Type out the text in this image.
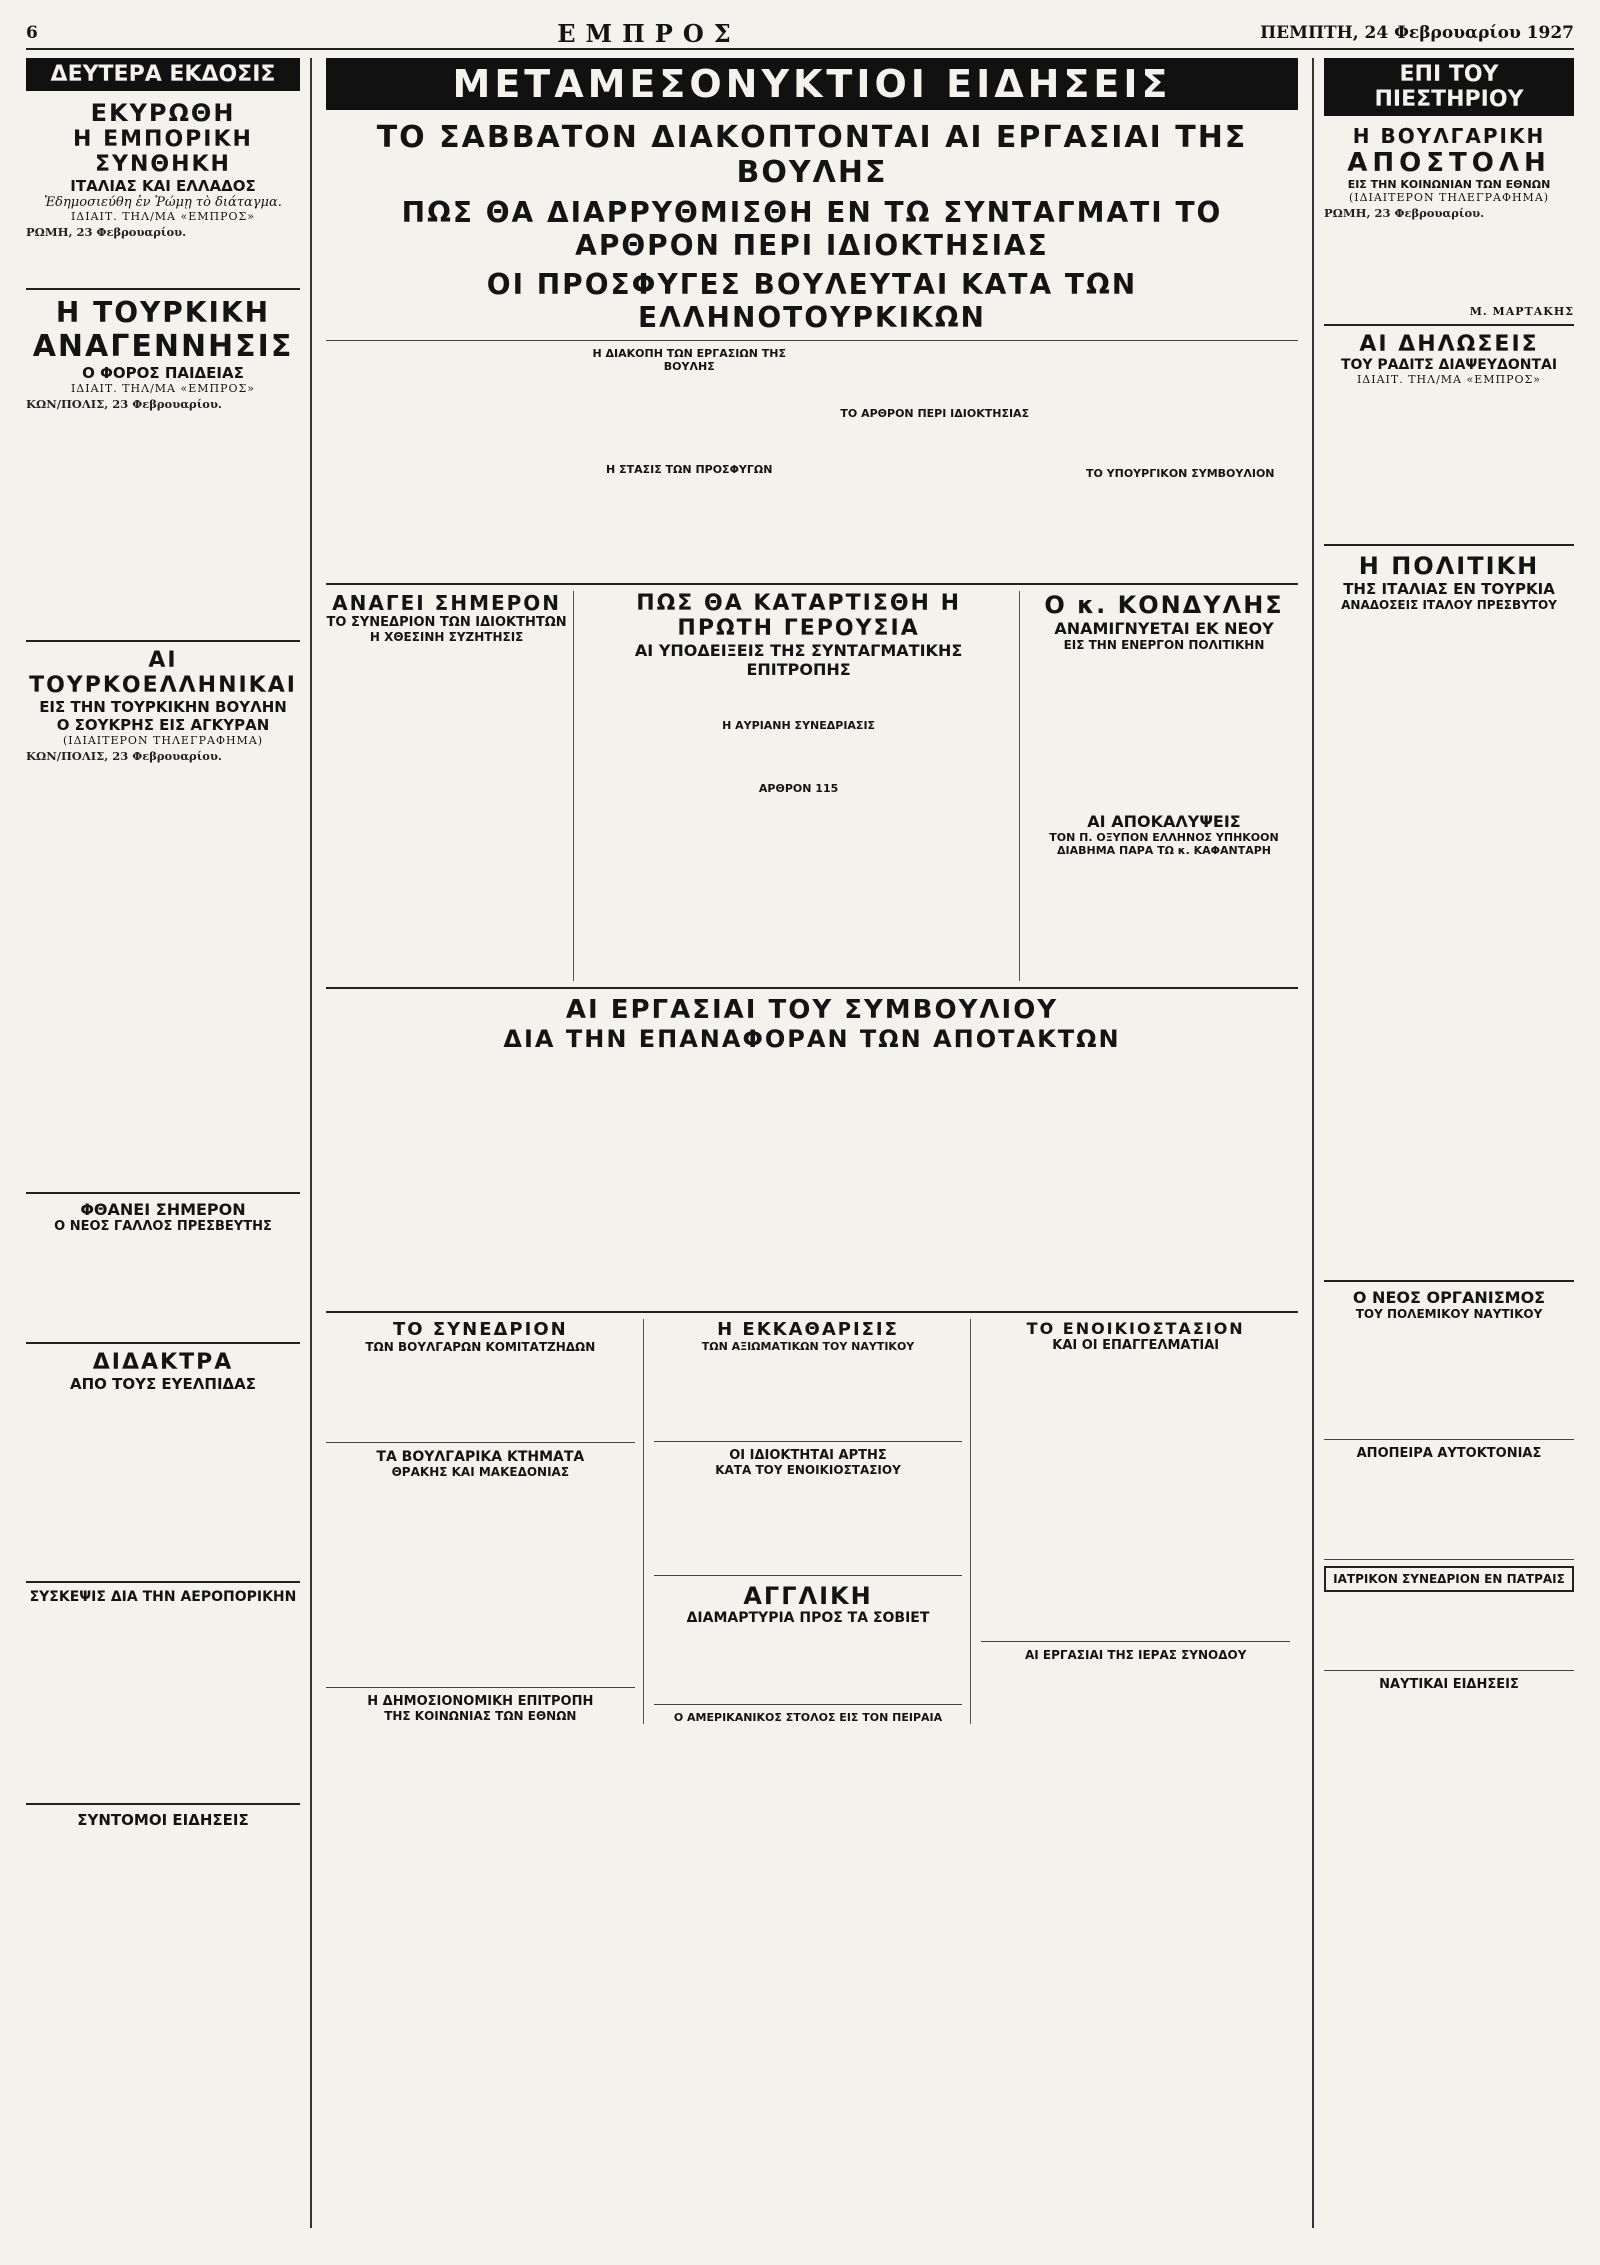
6	ΕΜΠΡΟΣ	ΠΕΜΠΤΗ, 24 Φεβρουαρίου 1927
ΔΕΥΤΕΡΑ ΕΚΔΟΣΙΣ
ΕΚΥΡΩΘΗ
Η ΕΜΠΟΡΙΚΗ ΣΥΝΘΗΚΗ
ΙΤΑΛΙΑΣ ΚΑΙ ΕΛΛΑΔΟΣ
Ἐδημοσιεύθη ἐν Ῥώμῃ τὸ διάταγμα.
ΙΔΙΑΙΤ. ΤΗΛ/ΜΑ «ΕΜΠΡΟΣ»
ΡΩΜΗ, 23 Φεβρουαρίου.
Η ΤΟΥΡΚΙΚΗ
ΑΝΑΓΕΝΝΗΣΙΣ
Ο ΦΟΡΟΣ ΠΑΙΔΕΙΑΣ
ΙΔΙΑΙΤ. ΤΗΛ/ΜΑ «ΕΜΠΡΟΣ»
ΚΩΝ/ΠΟΛΙΣ, 23 Φεβρουαρίου.
ΑΙ ΤΟΥΡΚΟΕΛΛΗΝΙΚΑΙ
ΕΙΣ ΤΗΝ ΤΟΥΡΚΙΚΗΝ ΒΟΥΛΗΝ
Ο ΣΟΥΚΡΗΣ ΕΙΣ ΑΓΚΥΡΑΝ
(ΙΔΙΑΙΤΕΡΟΝ ΤΗΛΕΓΡΑΦΗΜΑ)
ΚΩΝ/ΠΟΛΙΣ, 23 Φεβρουαρίου.
ΦΘΑΝΕΙ ΣΗΜΕΡΟΝ
Ο ΝΕΟΣ ΓΑΛΛΟΣ ΠΡΕΣΒΕΥΤΗΣ
ΔΙΔΑΚΤΡΑ
ΑΠΟ ΤΟΥΣ ΕΥΕΛΠΙΔΑΣ
ΣΥΣΚΕΨΙΣ ΔΙΑ ΤΗΝ ΑΕΡΟΠΟΡΙΚΗΝ
ΣΥΝΤΟΜΟΙ ΕΙΔΗΣΕΙΣ
ΜΕΤΑΜΕΣΟΝΥΚΤΙΟΙ ΕΙΔΗΣΕΙΣ
ΤΟ ΣΑΒΒΑΤΟΝ ΔΙΑΚΟΠΤΟΝΤΑΙ ΑΙ ΕΡΓΑΣΙΑΙ ΤΗΣ ΒΟΥΛΗΣ
ΠΩΣ ΘΑ ΔΙΑΡΡΥΘΜΙΣΘΗ ΕΝ ΤΩ ΣΥΝΤΑΓΜΑΤΙ ΤΟ ΑΡΘΡΟΝ ΠΕΡΙ ΙΔΙΟΚΤΗΣΙΑΣ
ΟΙ ΠΡΟΣΦΥΓΕΣ ΒΟΥΛΕΥΤΑΙ ΚΑΤΑ ΤΩΝ ΕΛΛΗΝΟΤΟΥΡΚΙΚΩΝ
Η ΔΙΑΚΟΠΗ ΤΩΝ ΕΡΓΑΣΙΩΝ ΤΗΣ ΒΟΥΛΗΣ
Η ΣΤΑΣΙΣ ΤΩΝ ΠΡΟΣΦΥΓΩΝ
ΤΟ ΑΡΘΡΟΝ ΠΕΡΙ ΙΔΙΟΚΤΗΣΙΑΣ
ΤΟ ΥΠΟΥΡΓΙΚΟΝ ΣΥΜΒΟΥΛΙΟΝ
ΑΝΑΓΕΙ ΣΗΜΕΡΟΝ
ΤΟ ΣΥΝΕΔΡΙΟΝ ΤΩΝ ΙΔΙΟΚΤΗΤΩΝ
Η ΧΘΕΣΙΝΗ ΣΥΖΗΤΗΣΙΣ
ΠΩΣ ΘΑ ΚΑΤΑΡΤΙΣΘΗ Η ΠΡΩΤΗ ΓΕΡΟΥΣΙΑ
ΑΙ ΥΠΟΔΕΙΞΕΙΣ ΤΗΣ ΣΥΝΤΑΓΜΑΤΙΚΗΣ ΕΠΙΤΡΟΠΗΣ
Η ΑΥΡΙΑΝΗ ΣΥΝΕΔΡΙΑΣΙΣ
ΑΡΘΡΟΝ 115
Ο κ. ΚΟΝΔΥΛΗΣ
ΑΝΑΜΙΓΝΥΕΤΑΙ ΕΚ ΝΕΟΥ
ΕΙΣ ΤΗΝ ΕΝΕΡΓΟΝ ΠΟΛΙΤΙΚΗΝ
ΑΙ ΑΠΟΚΑΛΥΨΕΙΣ
ΤΟΝ Π. ΟΞΥΠΟΝ ΕΛΛΗΝΟΣ ΥΠΗΚΟΟΝ
ΔΙΑΒΗΜΑ ΠΑΡΑ ΤΩ κ. ΚΑΦΑΝΤΑΡΗ
ΑΙ ΕΡΓΑΣΙΑΙ ΤΟΥ ΣΥΜΒΟΥΛΙΟΥ
ΔΙΑ ΤΗΝ ΕΠΑΝΑΦΟΡΑΝ ΤΩΝ ΑΠΟΤΑΚΤΩΝ
ΤΟ ΣΥΝΕΔΡΙΟΝ
ΤΩΝ ΒΟΥΛΓΑΡΩΝ ΚΟΜΙΤΑΤΖΗΔΩΝ
ΤΑ ΒΟΥΛΓΑΡΙΚΑ ΚΤΗΜΑΤΑ
ΘΡΑΚΗΣ ΚΑΙ ΜΑΚΕΔΟΝΙΑΣ
Η ΔΗΜΟΣΙΟΝΟΜΙΚΗ ΕΠΙΤΡΟΠΗ
ΤΗΣ ΚΟΙΝΩΝΙΑΣ ΤΩΝ ΕΘΝΩΝ
Η ΕΚΚΑΘΑΡΙΣΙΣ
ΤΩΝ ΑΞΙΩΜΑΤΙΚΩΝ ΤΟΥ ΝΑΥΤΙΚΟΥ
ΟΙ ΙΔΙΟΚΤΗΤΑΙ ΑΡΤΗΣ
ΚΑΤΑ ΤΟΥ ΕΝΟΙΚΙΟΣΤΑΣΙΟΥ
ΑΓΓΛΙΚΗ
ΔΙΑΜΑΡΤΥΡΙΑ ΠΡΟΣ ΤΑ ΣΟΒΙΕΤ
Ο ΑΜΕΡΙΚΑΝΙΚΟΣ ΣΤΟΛΟΣ ΕΙΣ ΤΟΝ ΠΕΙΡΑΙΑ
ΤΟ ΕΝΟΙΚΙΟΣΤΑΣΙΟΝ
ΚΑΙ ΟΙ ΕΠΑΓΓΕΛΜΑΤΙΑΙ
ΑΙ ΕΡΓΑΣΙΑΙ ΤΗΣ ΙΕΡΑΣ ΣΥΝΟΔΟΥ
ΕΠΙ ΤΟΥ ΠΙΕΣΤΗΡΙΟΥ
Η ΒΟΥΛΓΑΡΙΚΗ
ΑΠΟΣΤΟΛΗ
ΕΙΣ ΤΗΝ ΚΟΙΝΩΝΙΑΝ ΤΩΝ ΕΘΝΩΝ
(ΙΔΙΑΙΤΕΡΟΝ ΤΗΛΕΓΡΑΦΗΜΑ)
ΡΩΜΗ, 23 Φεβρουαρίου.
Μ. ΜΑΡΤΑΚΗΣ
ΑΙ ΔΗΛΩΣΕΙΣ
ΤΟΥ ΡΑΔΙΤΣ ΔΙΑΨΕΥΔΟΝΤΑΙ
ΙΔΙΑΙΤ. ΤΗΛ/ΜΑ «ΕΜΠΡΟΣ»
Η ΠΟΛΙΤΙΚΗ
ΤΗΣ ΙΤΑΛΙΑΣ ΕΝ ΤΟΥΡΚΙΑ
ΑΝΑΔΟΣΕΙΣ ΙΤΑΛΟΥ ΠΡΕΣΒΥΤΟΥ
Ο ΝΕΟΣ ΟΡΓΑΝΙΣΜΟΣ
ΤΟΥ ΠΟΛΕΜΙΚΟΥ ΝΑΥΤΙΚΟΥ
ΑΠΟΠΕΙΡΑ ΑΥΤΟΚΤΟΝΙΑΣ
ΙΑΤΡΙΚΟΝ ΣΥΝΕΔΡΙΟΝ ΕΝ ΠΑΤΡΑΙΣ
ΝΑΥΤΙΚΑΙ ΕΙΔΗΣΕΙΣ
